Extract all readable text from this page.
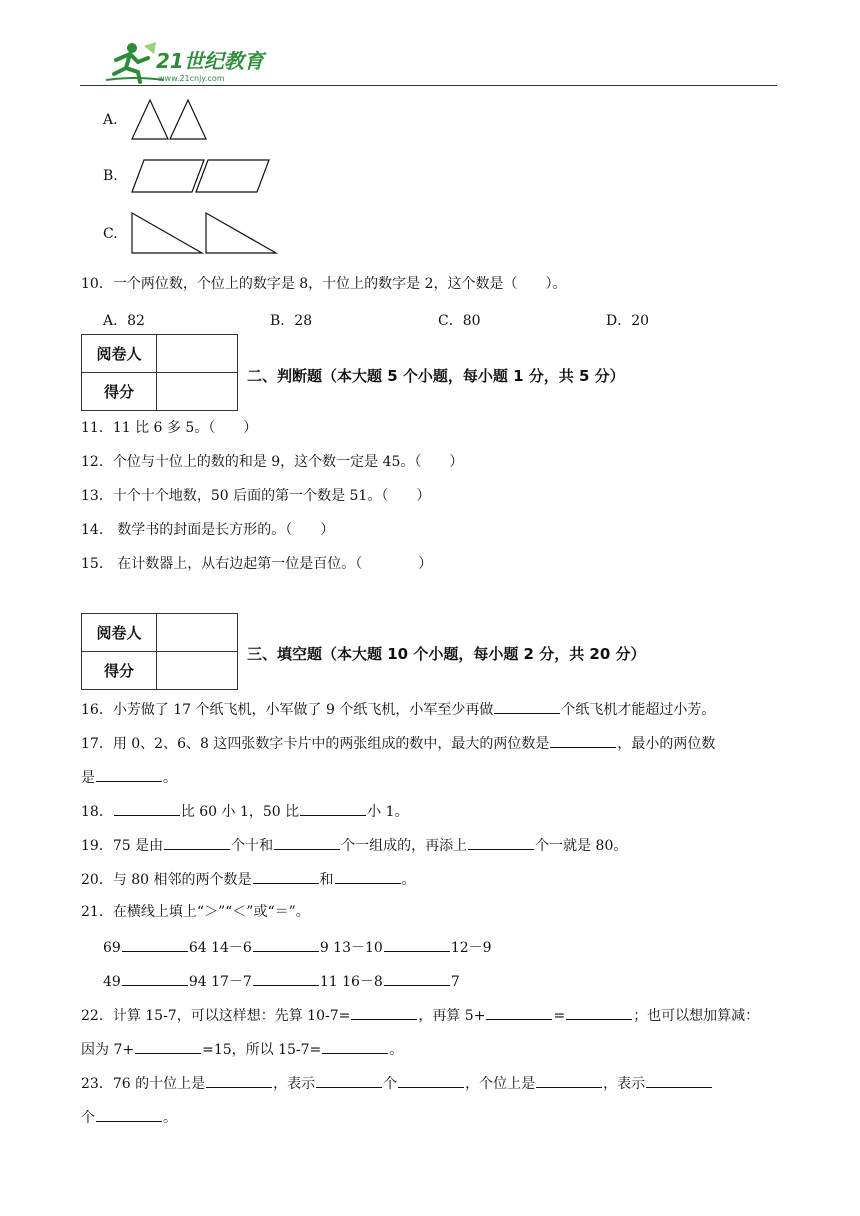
21世纪教育
www.21cnjy.com
A.
B.
C.
10．一个两位数，个位上的数字是 8，十位上的数字是 2，这个数是（　　）。
A．82	B．28	C．80	D．20
阅卷人	
得分	
二、判断题（本大题 5 个小题，每小题 1 分，共 5 分）
11．11 比 6 多 5。（　　）
12．个位与十位上的数的和是 9，这个数一定是 45。（　　）
13．十个十个地数，50 后面的第一个数是 51。（　　）
14． 数学书的封面是长方形的。（　　）
15． 在计数器上，从右边起第一位是百位。（　　　　）
阅卷人	
得分	
三、填空题（本大题 10 个小题，每小题 2 分，共 20 分）
16．小芳做了 17 个纸飞机，小军做了 9 个纸飞机，小军至少再做	个纸飞机才能超过小芳。
17．用 0、2、6、8 这四张数字卡片中的两张组成的数中，最大的两位数是	，最小的两位数
是	。
18．	比 60 小 1，50 比	小 1。
19．75 是由	个十和	个一组成的，再添上	个一就是 80。
20．与 80 相邻的两个数是	和	。
21．在横线上填上“＞”“＜”或“＝”。
69	64 14－6	9 13－10	12－9
49	94 17－7	11 16－8	7
22．计算 15-7，可以这样想：先算 10-7=	，再算 5+	=	；也可以想加算减：
因为 7+	=15，所以 15-7=	。
23．76 的十位上是	，表示	个	，个位上是	，表示
个	。
